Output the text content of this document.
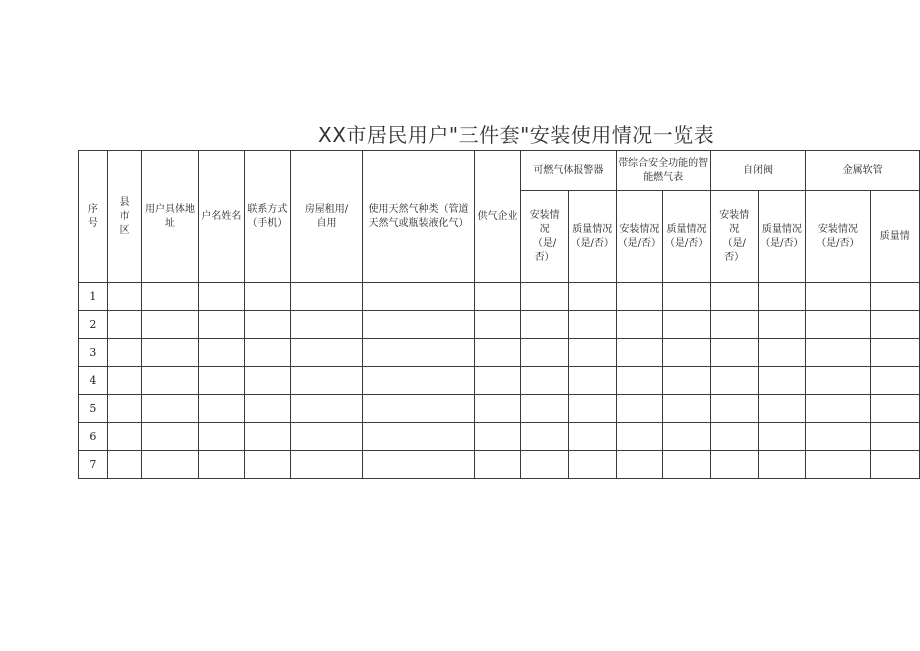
XX市居民用户"三件套"安装使用情况一览表
序号	县市区	用户具体地址	户名姓名	联系方式（手机）	房屋租用/自用	使用天然气种类（管道天然气或瓶装液化气）	供气企业	可燃气体报警器		带综合安全功能的智能燃气表		自闭阀		金属软管	

								安装情况（是/否）	质量情况（是/否）	安装情况（是/否）	质量情况（是/否）	安装情况（是/否）	质量情况（是/否）	安装情况（是/否）	质量情
1															
2															
3															
4															
5															
6															
7															
